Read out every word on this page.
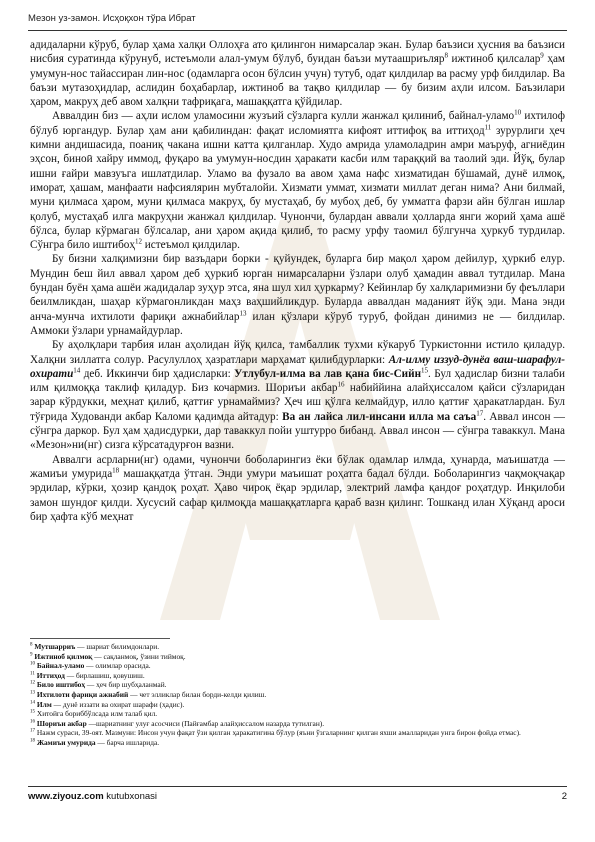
Мезон уз-замон. Исҳоқхон тўра Ибрат

адидаларни кўруб, булар ҳама халқи Оллоҳға ато қилингон нимарсалар экан. Булар баъзиси ҳусния ва баъзиси нисбия суратинда кўрунуб, истеъмоли алал-умум бўлуб, буидан баъзи мутаашриъляр$^8$ ижтиноб қилсалар$^9$ ҳам умумун-нос тайассиран лин-нос (одамларга осон бўлсин учун) тутуб, одат қилдилар ва расму урф билдилар. Ва баъзи мутазоҳидлар, аслидин боҳабарлар, ижтиноб ва тақво қилдилар — бу бизим аҳли илсом. Баъзилари ҳаром, макруҳ деб авом халқни тафриқага, машаққатга қўйдилар.

Аввалдин биз — аҳли ислом уламосини жузъий сўзларга кулли жанжал қилиниб, байнал-уламо$^{10}$ ихтилоф бўлуб юргандур. Булар ҳам ани қабилиндан: фақат исломиятга кифоят иттифоқ ва иттиҳод$^{11}$ зурурлиги ҳеч кимни андишасида, поаниқ чакана ишни катта қилганлар. Худо амрида уламоладрин амри маъруф, агниёдин эҳсон, биноӣ хайру иммод, фуқаро ва умумун-носдин ҳаракати касби илм тараққий ва таолий эди. Йўқ, булар ишни ғайри мавзуъга ишлатдилар. Уламо ва фузало ва авом ҳама нафс хизматидан бўшамай, дунё илмоқ, иморат, ҳашам, манфаати нафсиялярин мубталойи. Хизмати уммат, хизмати миллат деган нима? Ани билмай, муни қилмаса ҳаром, муни қилмаса макруҳ, бу мустаҳаб, бу мубоҳ деб, бу умматга фарзи айн бўлган ишлар қолуб, мустаҳаб илга макруҳни жанжал қилдилар. Чунончи, булардан аввали ҳолларда янги жорий ҳама ашё бўлса, булар кўрмаган бўлсалар, ани ҳаром ақида қилиб, то расму урфу таомил бўлгунча ҳуркуб турдилар. Сўнгра било иштибоҳ$^{12}$ истеъмол қилдилар.

Бу бизни халқимизни бир вазъдари борки - қуйундек, буларга бир мақол ҳаром дейилур, ҳуркиб елур. Мундин беш йил аввал ҳаром деб ҳуркиб юрган нимарсаларни ўзлари олуб ҳамадин аввал тутдилар. Мана бундан буён ҳама ашёи жадидалар зуҳур этса, яна шул хил ҳуркарму? Кейинлар бу халқларимизни бу феъллари беилмликдан, шаҳар кўрмагонликдан маҳз ваҳшийликдур. Буларда аввалдан маданият йўқ эди. Мана энди анча-мунча ихтилоти фариқи ажнабийлар$^{13}$ илан қўзлари кўруб туруб, фойдан динимиз не — билдилар. Аммоки ўзлари урнамайдурлар.

Бу аҳолқлари тарбия илан аҳолидан йўқ қилса, тамбаллик тухми кўкаруб Туркистонни истило қиладур. Халқни зиллатга солур. Расулуллоҳ ҳазратлари марҳамат қилибдурларки: Ал-илму иззуд-дунёа ваш-шарафул-охирати$^{14}$ деб. Иккинчи бир ҳадисларки: Утлубул-илма ва лав қана бис-Сийн$^{15}$. Бул ҳадислар бизни талаби илм қилмоққа таклиф қиладур. Биз кочармиз. Шориъи акбар$^{16}$ набиййина алайҳиссалом қайси сўзларидан зарар кўрдукки, меҳнат қилиб, қаттиғ урнамаймиз? Ҳеч иш қўлга келмайдур, илло қаттиғ ҳаракатлардан. Бул тўғрида Худованди акбар Каломи қадимда айтадур: Ва ан лайса лил-инсани илла ма саъа$^{17}$. Аввал инсон — сўнгра даркор. Бул ҳам ҳадисдурки, дар таваккул пойи уштурро бибанд. Аввал инсон — сўнгра таваккул. Мана «Мезон»ни(нг) сизга кўрсатадурғон вазни.

Аввалги асрларни(нг) одами, чунончи боболарингиз ёки бўлак одамлар илмда, ҳунарда, маъишатда — жамиъи умурида$^{18}$ машаққатда ўтган. Энди умури маъишат роҳатга бадал бўлди. Боболарингиз чақмоқчақар эрдилар, кўрки, ҳозир қандоқ роҳат. Ҳаво чироқ ёқар эрдилар, электрий ламфа қандоғ роҳатдур. Инқилоби замон шундоғ қилди. Хусусий сафар қилмоқда машаққатларга қараб вазн қилинг. Тошканд илан Хўқанд ароси бир ҳафта кўб меҳнат

$^8$ Мутшарриъ — шариат билимдонлари.
$^9$ Ижтиноб қилмоқ — сақланмоқ, ўзини тиймоқ.
$^{10}$ Байнал-уламо — олимлар орасида.
$^{11}$ Иттиҳод — бирлашиш, қовушиш.
$^{12}$ Било иштибоҳ — ҳеч бир шубҳаланмай.
$^{13}$ Ихтилоти фариқи ажнабий — чет элликлар билан борди-келди қилиш.
$^{14}$ Илм — дунё иззати ва охират шарафи (ҳадис).
$^{15}$ Хитойга бориббўлсада илм талаб қил.
$^{16}$ Шориъи акбар —шариатнинг улуғ асосчиси (Пайғамбар алайҳиссалом назарда тутилган).
$^{17}$ Нажм сураси, 39-оят. Мазмуни: Инсон учун фақат ўзи қилган ҳаракатигина бўлур (яъни ўзгаларнинг қилган яхши амалларидан унга бирон фойда етмас).
$^{18}$ Жамиъи умурида — барча ишларида.
www.ziyouz.com kutubxonasi	2
